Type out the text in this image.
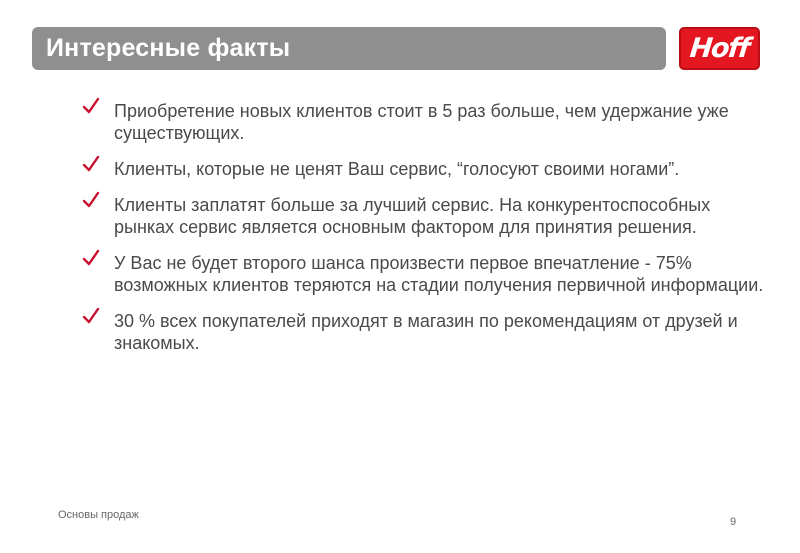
Интересные факты	Hoff
Приобретение новых клиентов стоит в 5 раз больше, чем удержание уже существующих.
Клиенты, которые не ценят Ваш сервис, “голосуют своими ногами”.
Клиенты заплатят больше за лучший сервис. На конкурентоспособных рынках сервис является основным фактором для принятия решения.
У Вас не будет второго шанса произвести первое впечатление - 75% возможных клиентов теряются на стадии получения первичной информации.
30 % всех покупателей приходят в магазин по рекомендациям от друзей и знакомых.
Основы продаж
9
